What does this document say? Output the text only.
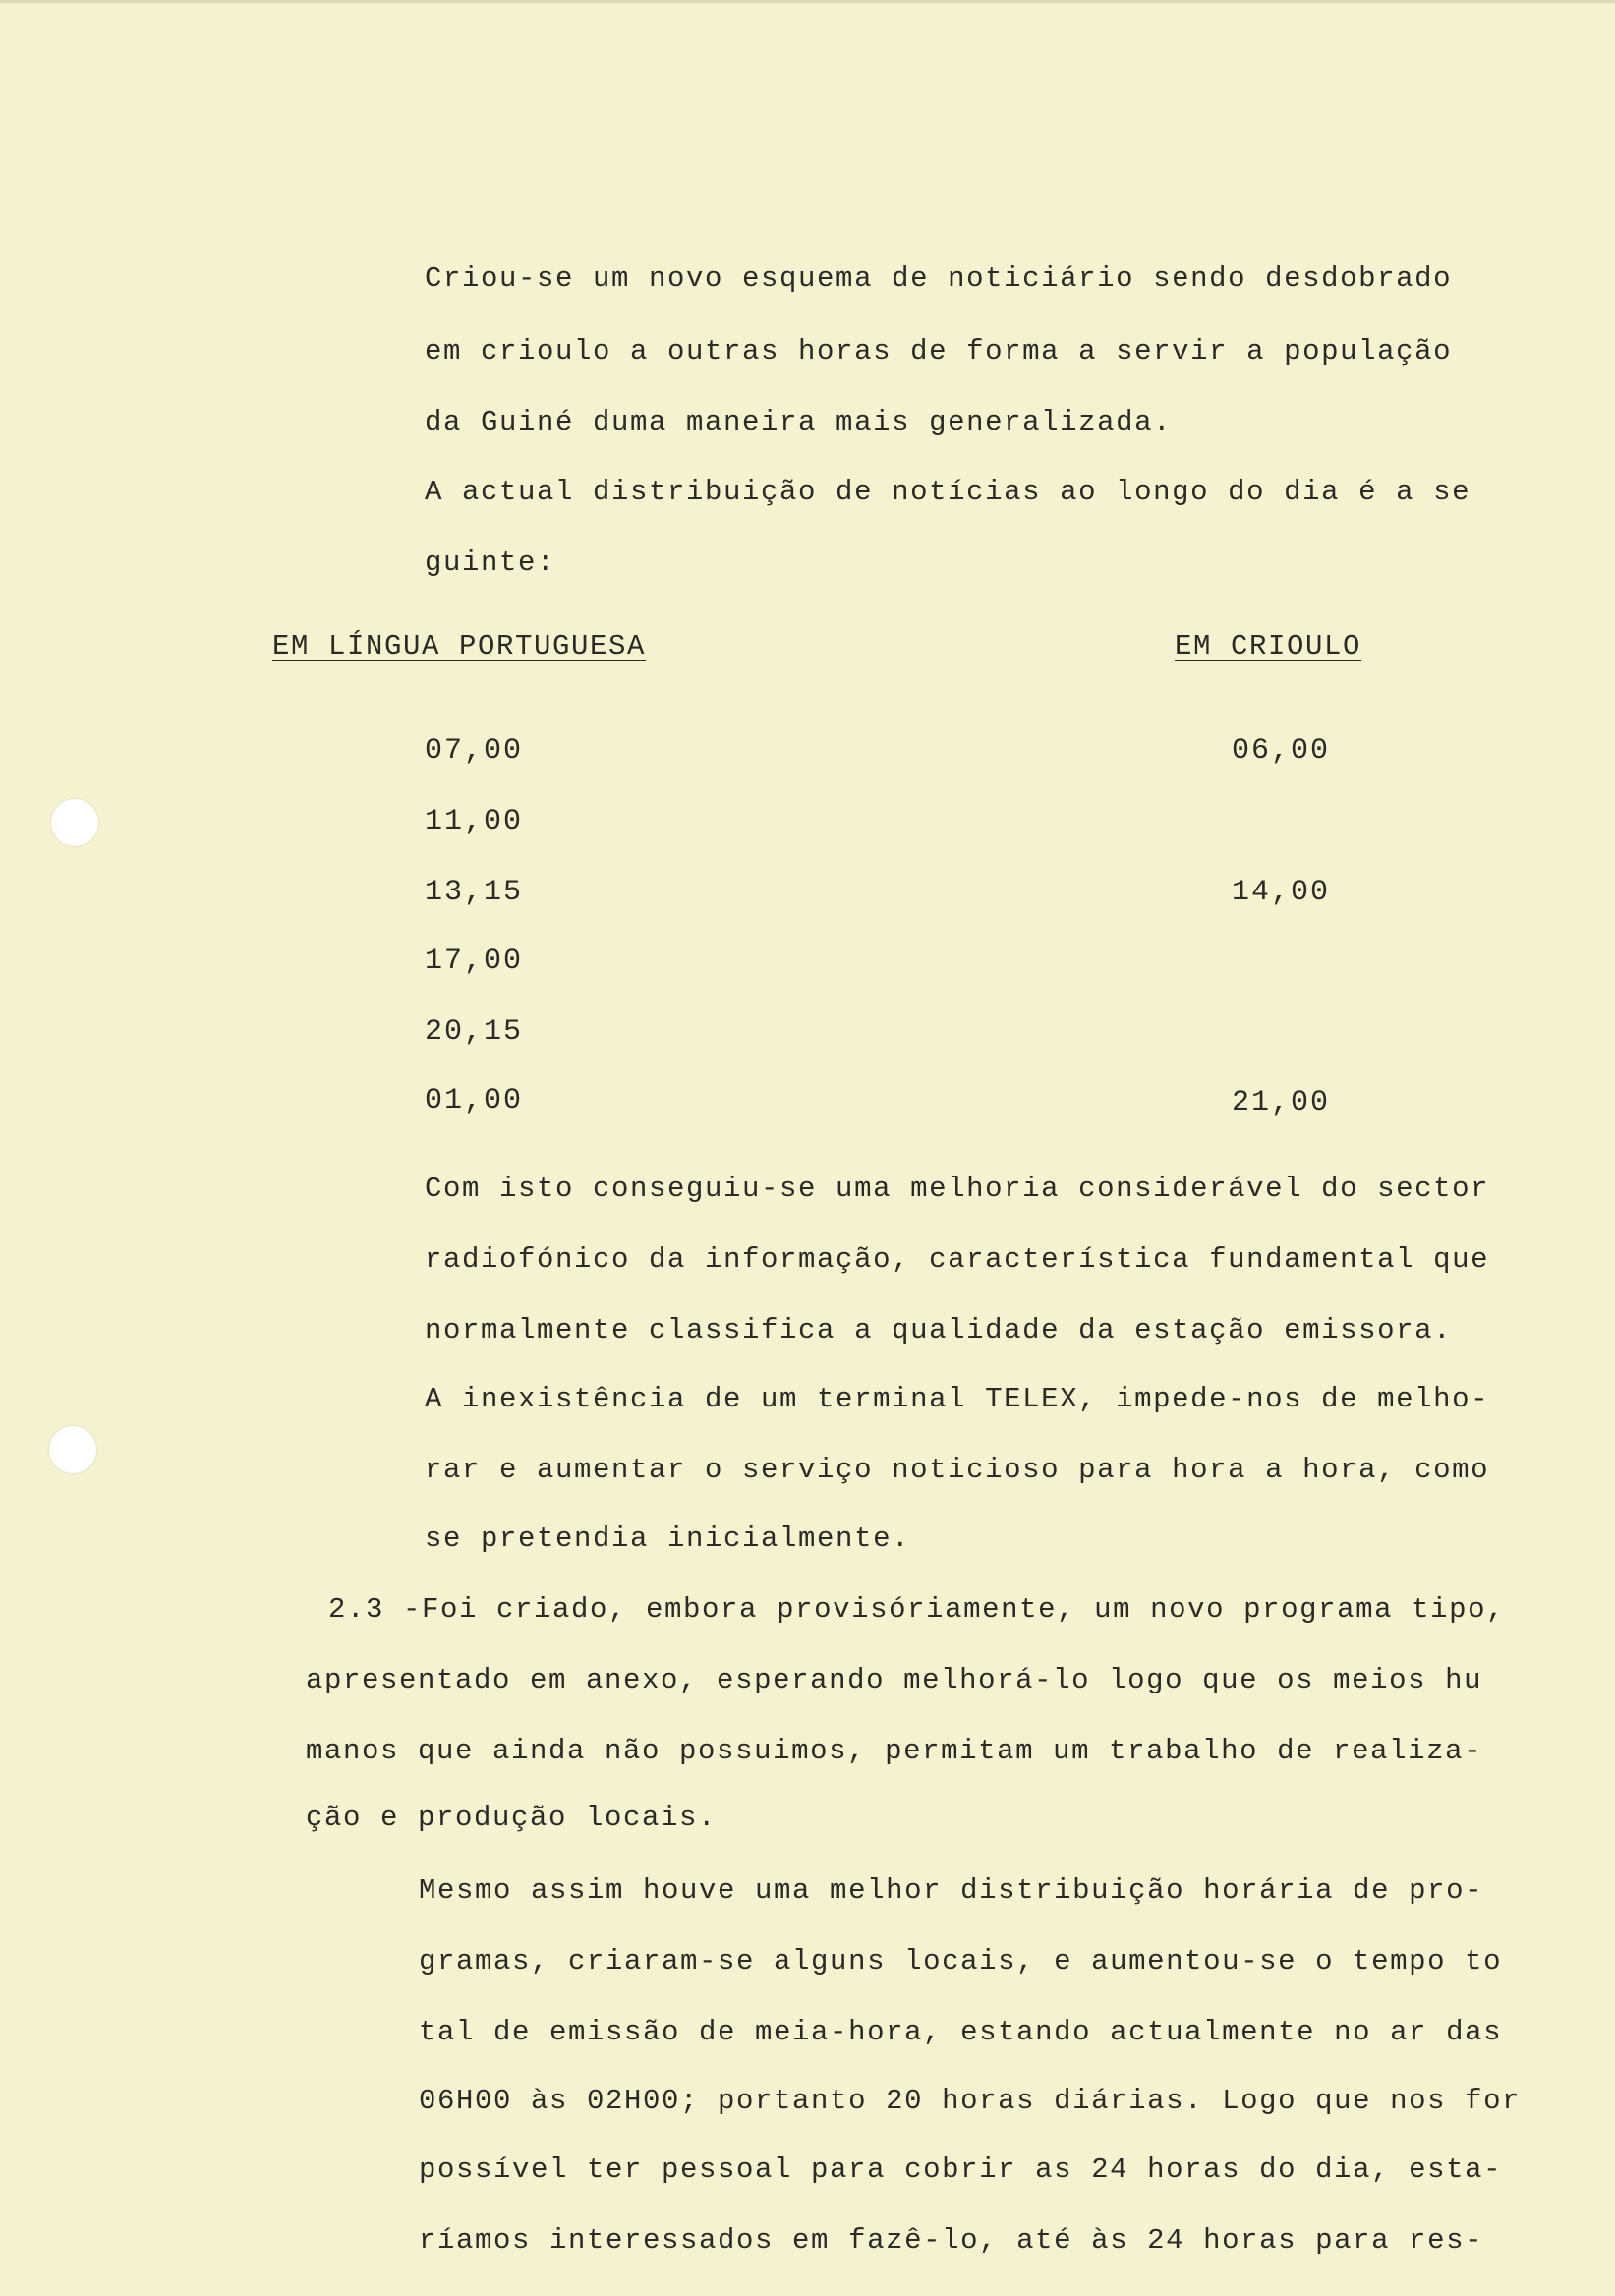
Criou-se um novo esquema de noticiário sendo desdobrado
em crioulo a outras horas de forma a servir a população
da Guiné duma maneira mais generalizada.
A actual distribuição de notícias ao longo do dia é a se
guinte:
EM LÍNGUA PORTUGUESA	EM CRIOULO
07,00
11,00
13,15
17,00
20,15
01,00
06,00
14,00
21,00
Com isto conseguiu-se uma melhoria considerável do sector
radiofónico da informação, característica fundamental que
normalmente classifica a qualidade da estação emissora.
A inexistência de um terminal TELEX, impede-nos de melho-
rar e aumentar o serviço noticioso para hora a hora, como
se pretendia inicialmente.
2.3 -Foi criado, embora provisóriamente, um novo programa tipo,
apresentado em anexo, esperando melhorá-lo logo que os meios hu
manos que ainda não possuimos, permitam um trabalho de realiza-
ção e produção locais.
Mesmo assim houve uma melhor distribuição horária de pro-
gramas, criaram-se alguns locais, e aumentou-se o tempo to
tal de emissão de meia-hora, estando actualmente no ar das
06H00 às 02H00; portanto 20 horas diárias. Logo que nos for
possível ter pessoal para cobrir as 24 horas do dia, esta-
ríamos interessados em fazê-lo, até às 24 horas para res-
